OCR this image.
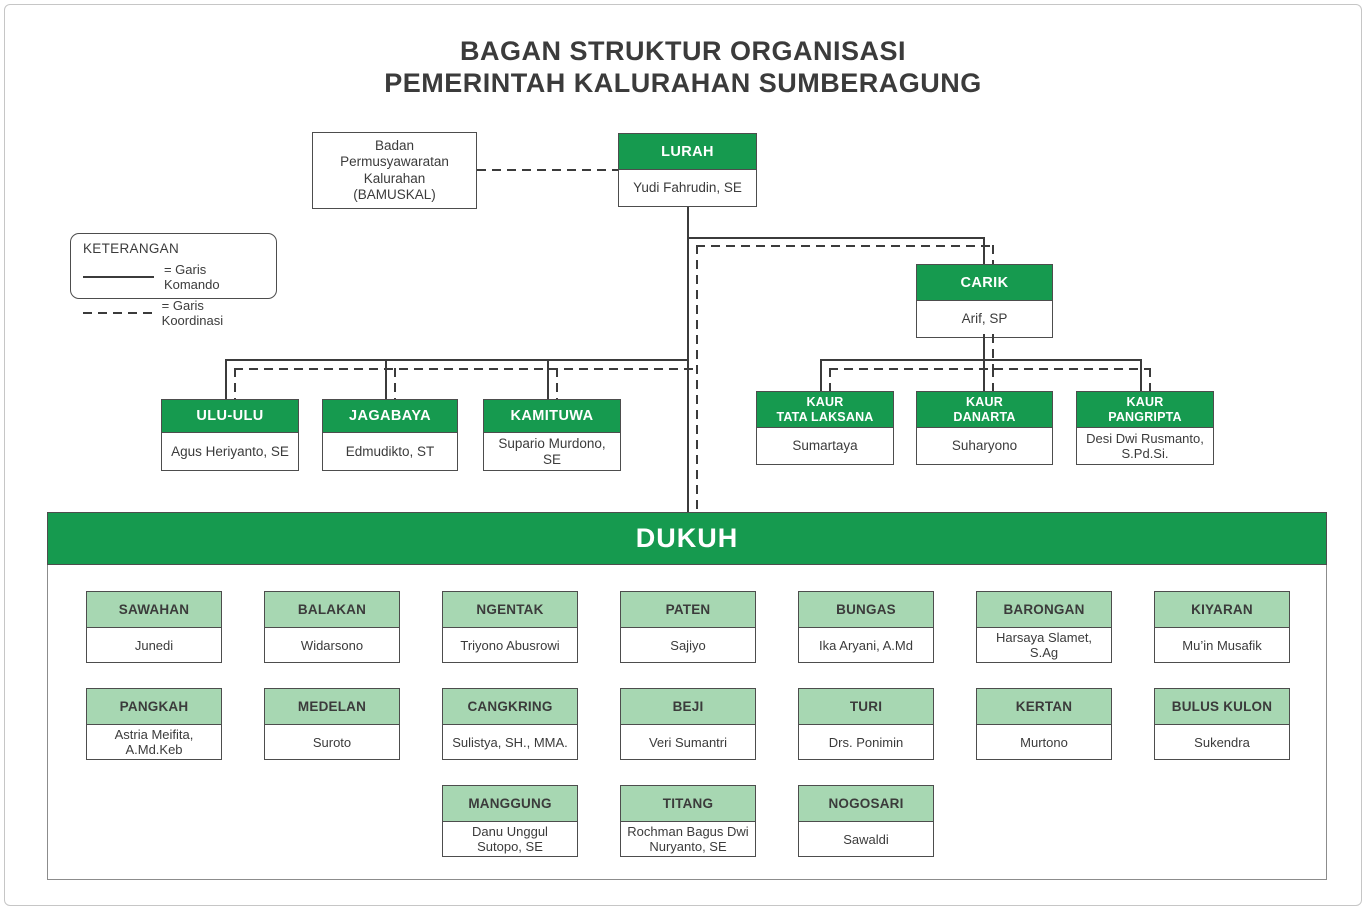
BAGAN STRUKTUR ORGANISASI
PEMERINTAH KALURAHAN SUMBERAGUNG
Badan
Permusyawaratan
Kalurahan
(BAMUSKAL)
LURAH
Yudi Fahrudin, SE
KETERANGAN
= Garis Komando
= Garis Koordinasi
CARIK
Arif, SP
ULU-ULU
Agus Heriyanto, SE
JAGABAYA
Edmudikto, ST
KAMITUWA
Supario Murdono, SE
KAUR
TATA LAKSANA
Sumartaya
KAUR
DANARTA
Suharyono
KAUR
PANGRIPTA
Desi Dwi Rusmanto, S.Pd.Si.
DUKUH
SAWAHAN
Junedi
BALAKAN
Widarsono
NGENTAK
Triyono Abusrowi
PATEN
Sajiyo
BUNGAS
Ika Aryani, A.Md
BARONGAN
Harsaya Slamet, S.Ag
KIYARAN
Mu’in Musafik
PANGKAH
Astria Meifita, A.Md.Keb
MEDELAN
Suroto
CANGKRING
Sulistya, SH., MMA.
BEJI
Veri Sumantri
TURI
Drs. Ponimin
KERTAN
Murtono
BULUS KULON
Sukendra
MANGGUNG
Danu Unggul Sutopo, SE
TITANG
Rochman Bagus Dwi Nuryanto, SE
NOGOSARI
Sawaldi
